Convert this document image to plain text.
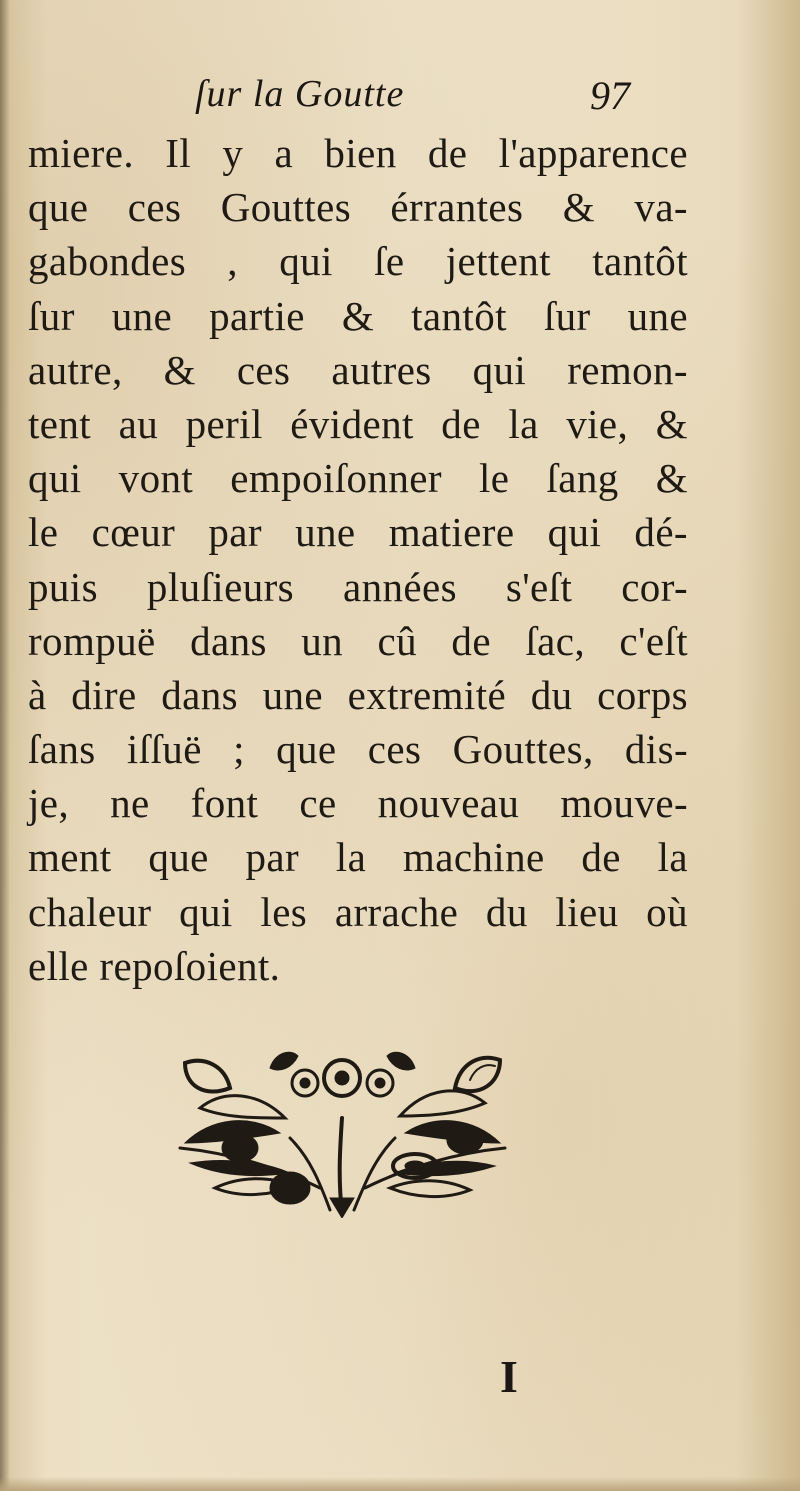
ſur la Goutte	97
miere. Il y a bien de l'apparence
que ces Gouttes érrantes & va-
gabondes , qui ſe jettent tantôt
ſur une partie & tantôt ſur une
autre, & ces autres qui remon-
tent au peril évident de la vie, &
qui vont empoiſonner le ſang &
le cœur par une matiere qui dé-
puis pluſieurs années s'eſt cor-
rompuë dans un cû de ſac, c'eſt
à dire dans une extremité du corps
ſans iſſuë ; que ces Gouttes, dis-
je, ne font ce nouveau mouve-
ment que par la machine de la
chaleur qui les arrache du lieu où
elle repoſoient.
I
